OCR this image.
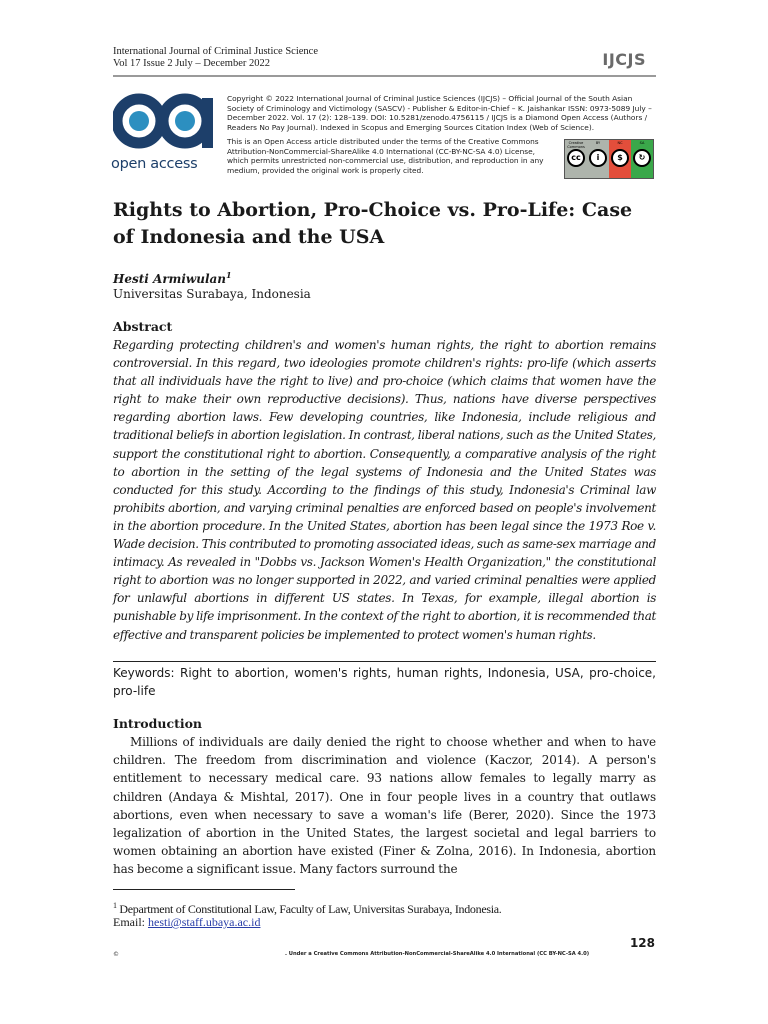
International Journal of Criminal Justice Science
Vol 17 Issue 2 July – December 2022	IJCJS
open access
Copyright © 2022 International Journal of Criminal Justice Sciences (IJCJS) – Official Journal of the South Asian Society of Criminology and Victimology (SASCV) - Publisher & Editor-in-Chief – K. Jaishankar ISSN: 0973-5089 July – December 2022. Vol. 17 (2): 128–139. DOI: 10.5281/zenodo.4756115 / IJCJS is a Diamond Open Access (Authors / Readers No Pay Journal). Indexed in Scopus and Emerging Sources Citation Index (Web of Science).
This is an Open Access article distributed under the terms of the Creative Commons Attribution-NonCommercial-ShareAlike 4.0 International (CC-BY-NC-SA 4.0) License, which permits unrestricted non-commercial use, distribution, and reproduction in any medium, provided the original work is properly cited.
Creative Commons
cc
BY
i
NC
$
SA
↻
Rights to Abortion, Pro-Choice vs. Pro-Life: Case of Indonesia and the USA
Hesti Armiwulan$^1$
Universitas Surabaya, Indonesia
Abstract

Regarding protecting children's and women's human rights, the right to abortion remains controversial. In this regard, two ideologies promote children's rights: pro-life (which asserts that all individuals have the right to live) and pro-choice (which claims that women have the right to make their own reproductive decisions). Thus, nations have diverse perspectives regarding abortion laws. Few developing countries, like Indonesia, include religious and traditional beliefs in abortion legislation. In contrast, liberal nations, such as the United States, support the constitutional right to abortion. Consequently, a comparative analysis of the right to abortion in the setting of the legal systems of Indonesia and the United States was conducted for this study. According to the findings of this study, Indonesia's Criminal law prohibits abortion, and varying criminal penalties are enforced based on people's involvement in the abortion procedure. In the United States, abortion has been legal since the 1973 Roe v. Wade decision. This contributed to promoting associated ideas, such as same-sex marriage and intimacy. As revealed in "Dobbs vs. Jackson Women's Health Organization," the constitutional right to abortion was no longer supported in 2022, and varied criminal penalties were applied for unlawful abortions in different US states. In Texas, for example, illegal abortion is punishable by life imprisonment. In the context of the right to abortion, it is recommended that effective and transparent policies be implemented to protect women's human rights.

Keywords: Right to abortion, women's rights, human rights, Indonesia, USA, pro-choice, pro-life

Introduction

Millions of individuals are daily denied the right to choose whether and when to have children. The freedom from discrimination and violence (Kaczor, 2014). A person's entitlement to necessary medical care. 93 nations allow females to legally marry as children (Andaya & Mishtal, 2017). One in four people lives in a country that outlaws abortions, even when necessary to save a woman's life (Berer, 2020). Since the 1973 legalization of abortion in the United States, the largest societal and legal barriers to women obtaining an abortion have existed (Finer & Zolna, 2016). In Indonesia, abortion has become a significant issue. Many factors surround the

$^1$ Department of Constitutional Law, Faculty of Law, Universitas Surabaya, Indonesia.
Email: hesti@staff.ubaya.ac.id
128
©	. Under a Creative Commons Attribution-NonCommercial-ShareAlike 4.0 International (CC BY-NC-SA 4.0)
